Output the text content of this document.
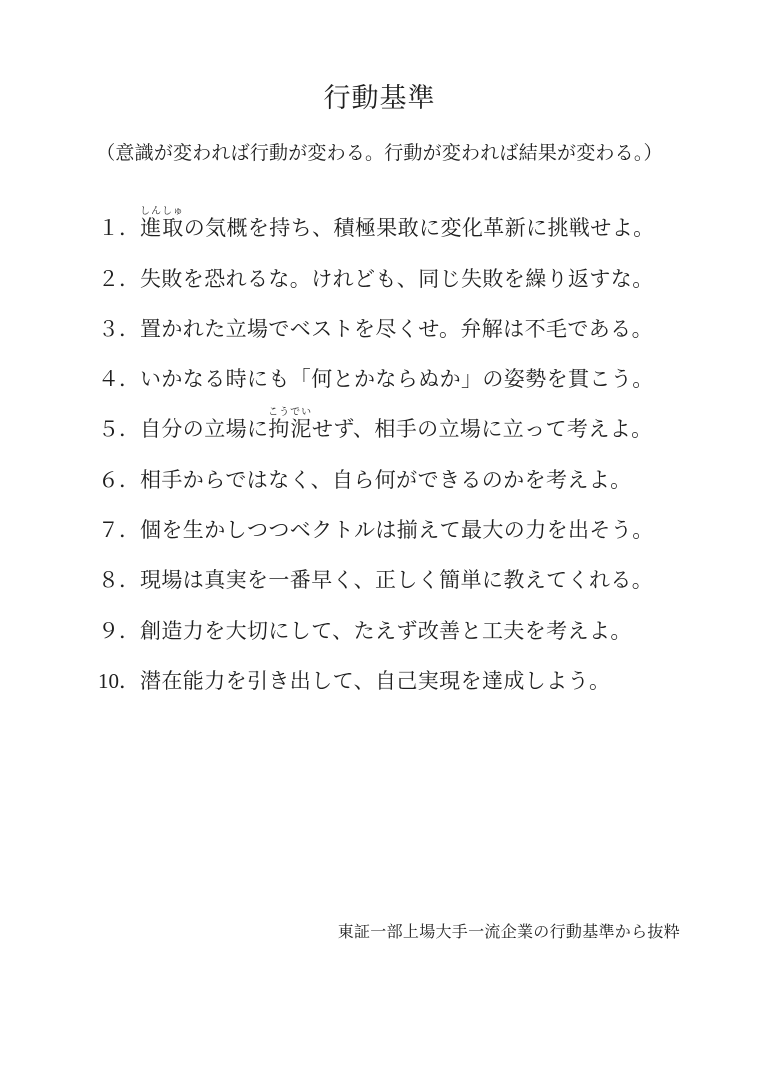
行動基準

（意識が変われば行動が変わる。行動が変われば結果が変わる。）

１． 進取しんしゅの気概を持ち、積極果敢に変化革新に挑戦せよ。
２． 失敗を恐れるな。けれども、同じ失敗を繰り返すな。
３． 置かれた立場でベストを尽くせ。弁解は不毛である。
４． いかなる時にも「何とかならぬか」の姿勢を貫こう。
５． 自分の立場に拘泥こうでいせず、相手の立場に立って考えよ。
６． 相手からではなく、自ら何ができるのかを考えよ。
７． 個を生かしつつベクトルは揃えて最大の力を出そう。
８． 現場は真実を一番早く、正しく簡単に教えてくれる。
９． 創造力を大切にして、たえず改善と工夫を考えよ。
10． 潜在能力を引き出して、自己実現を達成しよう。

東証一部上場大手一流企業の行動基準から抜粋
